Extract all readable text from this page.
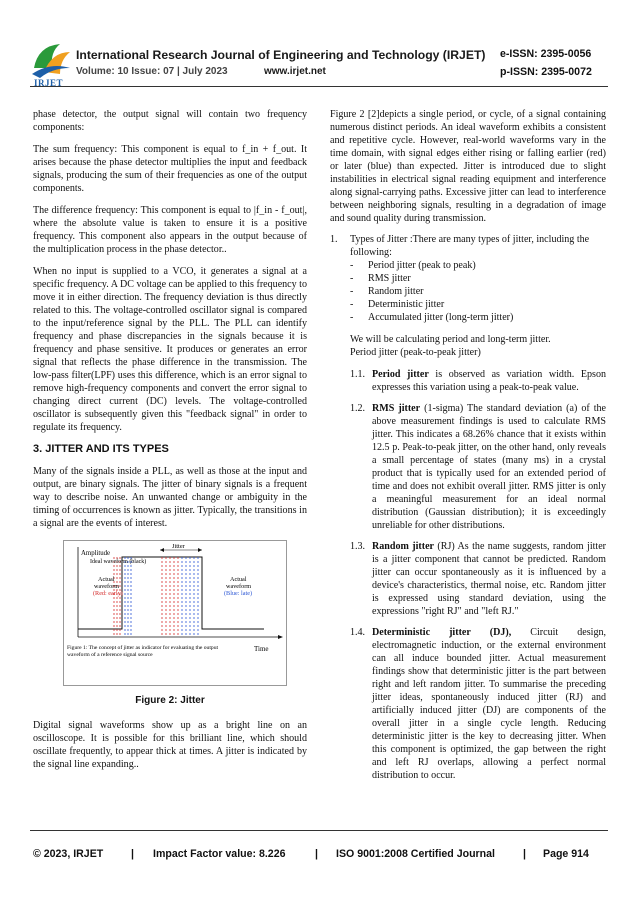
IRJET
International Research Journal of Engineering and Technology (IRJET) e-ISSN: 2395-0056
Volume: 10 Issue: 07 | July 2023	www.irjet.net	p-ISSN: 2395-0072

phase detector, the output signal will contain two frequency components:

The sum frequency: This component is equal to f_in + f_out. It arises because the phase detector multiplies the input and feedback signals, producing the sum of their frequencies as one of the output components.

The difference frequency: This component is equal to |f_in - f_out|, where the absolute value is taken to ensure it is a positive frequency. This component also appears in the output because of the multiplication process in the phase detector..

When no input is supplied to a VCO, it generates a signal at a specific frequency. A DC voltage can be applied to this frequency to move it in either direction. The frequency deviation is thus directly related to this. The voltage-controlled oscillator signal is compared to the input/reference signal by the PLL. The PLL can identify frequency and phase discrepancies in the signals because it is frequency and phase sensitive. It produces or generates an error signal that reflects the phase difference in the transmission. The low-pass filter(LPF) uses this difference, which is an error signal to remove high-frequency components and convert the error signal to changing direct current (DC) levels. The voltage-controlled oscillator is subsequently given this "feedback signal" in order to regulate its frequency.

3. JITTER AND ITS TYPES

Many of the signals inside a PLL, as well as those at the input and output, are binary signals. The jitter of binary signals is a frequent way to describe noise. An unwanted change or ambiguity in the timing of occurrences is known as jitter. Typically, the transitions in a signal are the events of interest.

Amplitude
Ideal waveform (black)
Jitter
Actual
waveform
(Red: early)
Actual
waveform
(Blue: late)
Figure 1: The concept of jitter as indicator for evaluating the output
waveform of a reference signal source
Time
Figure 2: Jitter

Digital signal waveforms show up as a bright line on an oscilloscope. It is possible for this brilliant line, which should oscillate frequently, to appear thick at times. A jitter is indicated by the signal line expanding..

Figure 2 [2]depicts a single period, or cycle, of a signal containing numerous distinct periods. An ideal waveform exhibits a consistent and repetitive cycle. However, real-world waveforms vary in the time domain, with signal edges either rising or falling earlier (red) or later (blue) than expected. Jitter is introduced due to slight instabilities in electrical signal reading equipment and interference along signal-carrying paths. Excessive jitter can lead to interference between neighboring signals, resulting in a degradation of image and sound quality during transmission.

1.	Types of Jitter :There are many types of jitter, including the following:
-	Period jitter (peak to peak)
-	RMS jitter
-	Random jitter
-	Deterministic jitter
-	Accumulated jitter (long-term jitter)
We will be calculating period and long-term jitter.
Period jitter (peak-to-peak jitter)
1.1. Period jitter is observed as variation width. Epson expresses this variation using a peak-to-peak value.
1.2. RMS jitter (1-sigma) The standard deviation (a) of the above measurement findings is used to calculate RMS jitter. This indicates a 68.26% chance that it exists within 12.5 p. Peak-to-peak jitter, on the other hand, only reveals a small percentage of states (many ms) in a crystal product that is typically used for an extended period of time and does not exhibit overall jitter. RMS jitter is only a meaningful measurement for an ideal normal distribution (Gaussian distribution); it is exceedingly unreliable for other distributions.
1.3. Random jitter (RJ) As the name suggests, random jitter is a jitter component that cannot be predicted. Random jitter can occur spontaneously as it is influenced by a device's characteristics, thermal noise, etc. Random jitter is expressed using standard deviation, using the expressions "right RJ" and "left RJ."
1.4. Deterministic jitter (DJ), Circuit design, electromagnetic induction, or the external environment can all induce bounded jitter. Actual measurement findings show that deterministic jitter is the part between right and left random jitter. To summarise the preceding jitter ideas, spontaneously induced jitter (RJ) and artificially induced jitter (DJ) are components of the overall jitter in a single cycle length. Reducing deterministic jitter is the key to decreasing jitter. When this component is optimized, the gap between the right and left RJ overlaps, allowing a perfect normal distribution to occur.
© 2023, IRJET	| Impact Factor value: 8.226	| ISO 9001:2008 Certified Journal	| Page 914
